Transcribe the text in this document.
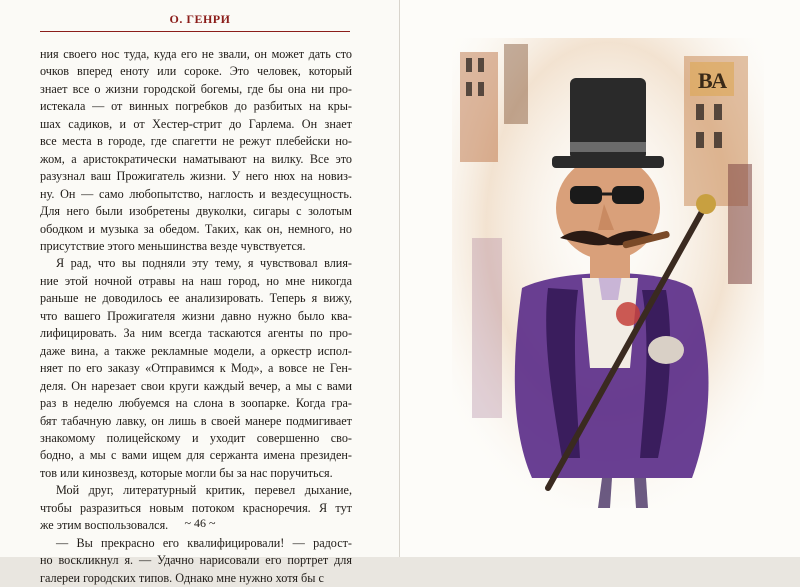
О. ГЕНРИ

ния своего нос туда, куда его не звали, он может дать сто
очков вперед еноту или сороке. Это человек, который
знает все о жизни городской богемы, где бы она ни про-
истекала — от винных погребков до разбитых на кры-
шах садиков, и от Хестер-стрит до Гарлема. Он знает
все места в городе, где спагетти не режут плебейски но-
жом, а аристократически наматывают на вилку. Все это
разузнал ваш Прожигатель жизни. У него нюх на новиз-
ну. Он — само любопытство, наглость и вездесущность.
Для него были изобретены двуколки, сигары с золотым
ободком и музыка за обедом. Таких, как он, немного, но
присутствие этого меньшинства везде чувствуется.

Я рад, что вы подняли эту тему, я чувствовал влия-
ние этой ночной отравы на наш город, но мне никогда
раньше не доводилось ее анализировать. Теперь я вижу,
что вашего Прожигателя жизни давно нужно было ква-
лифицировать. За ним всегда таскаются агенты по про-
даже вина, а также рекламные модели, а оркестр испол-
няет по его заказу «Отправимся к Мод», а вовсе не Ген-
деля. Он нарезает свои круги каждый вечер, а мы с вами
раз в неделю любуемся на слона в зоопарке. Когда гра-
бят табачную лавку, он лишь в своей манере подмигивает
знакомому полицейскому и уходит совершенно сво-
бодно, а мы с вами ищем для сержанта имена президен-
тов или кинозвезд, которые могли бы за нас поручиться.

Мой друг, литературный критик, перевел дыхание,
чтобы разразиться новым потоком красноречия. Я тут
же этим воспользовался.

— Вы прекрасно его квалифицировали! — радост-
но воскликнул я. — Удачно нарисовали его портрет для
галереи городских типов. Однако мне нужно хотя бы с

~ 46 ~
ВА
